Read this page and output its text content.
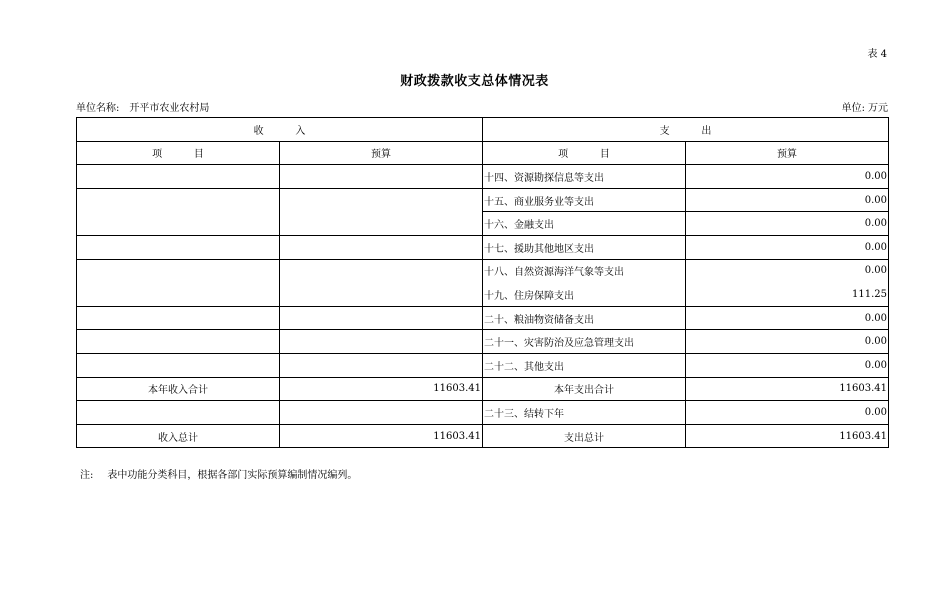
表 4
财政拨款收支总体情况表
单位名称: 开平市农业农村局	单位: 万元
收          入		支          出	
项          目	预算	项          目	预算
		十四、资源勘探信息等支出	0.00
		十五、商业服务业等支出	0.00
		十六、金融支出	0.00
		十七、援助其他地区支出	0.00
		十八、自然资源海洋气象等支出	0.00
		十九、住房保障支出	111.25
		二十、粮油物资储备支出	0.00
		二十一、灾害防治及应急管理支出	0.00
		二十二、其他支出	0.00
本年收入合计	11603.41	本年支出合计	11603.41
		二十三、结转下年	0.00
收入总计	11603.41	支出总计	11603.41
注: 表中功能分类科目，根据各部门实际预算编制情况编列。
